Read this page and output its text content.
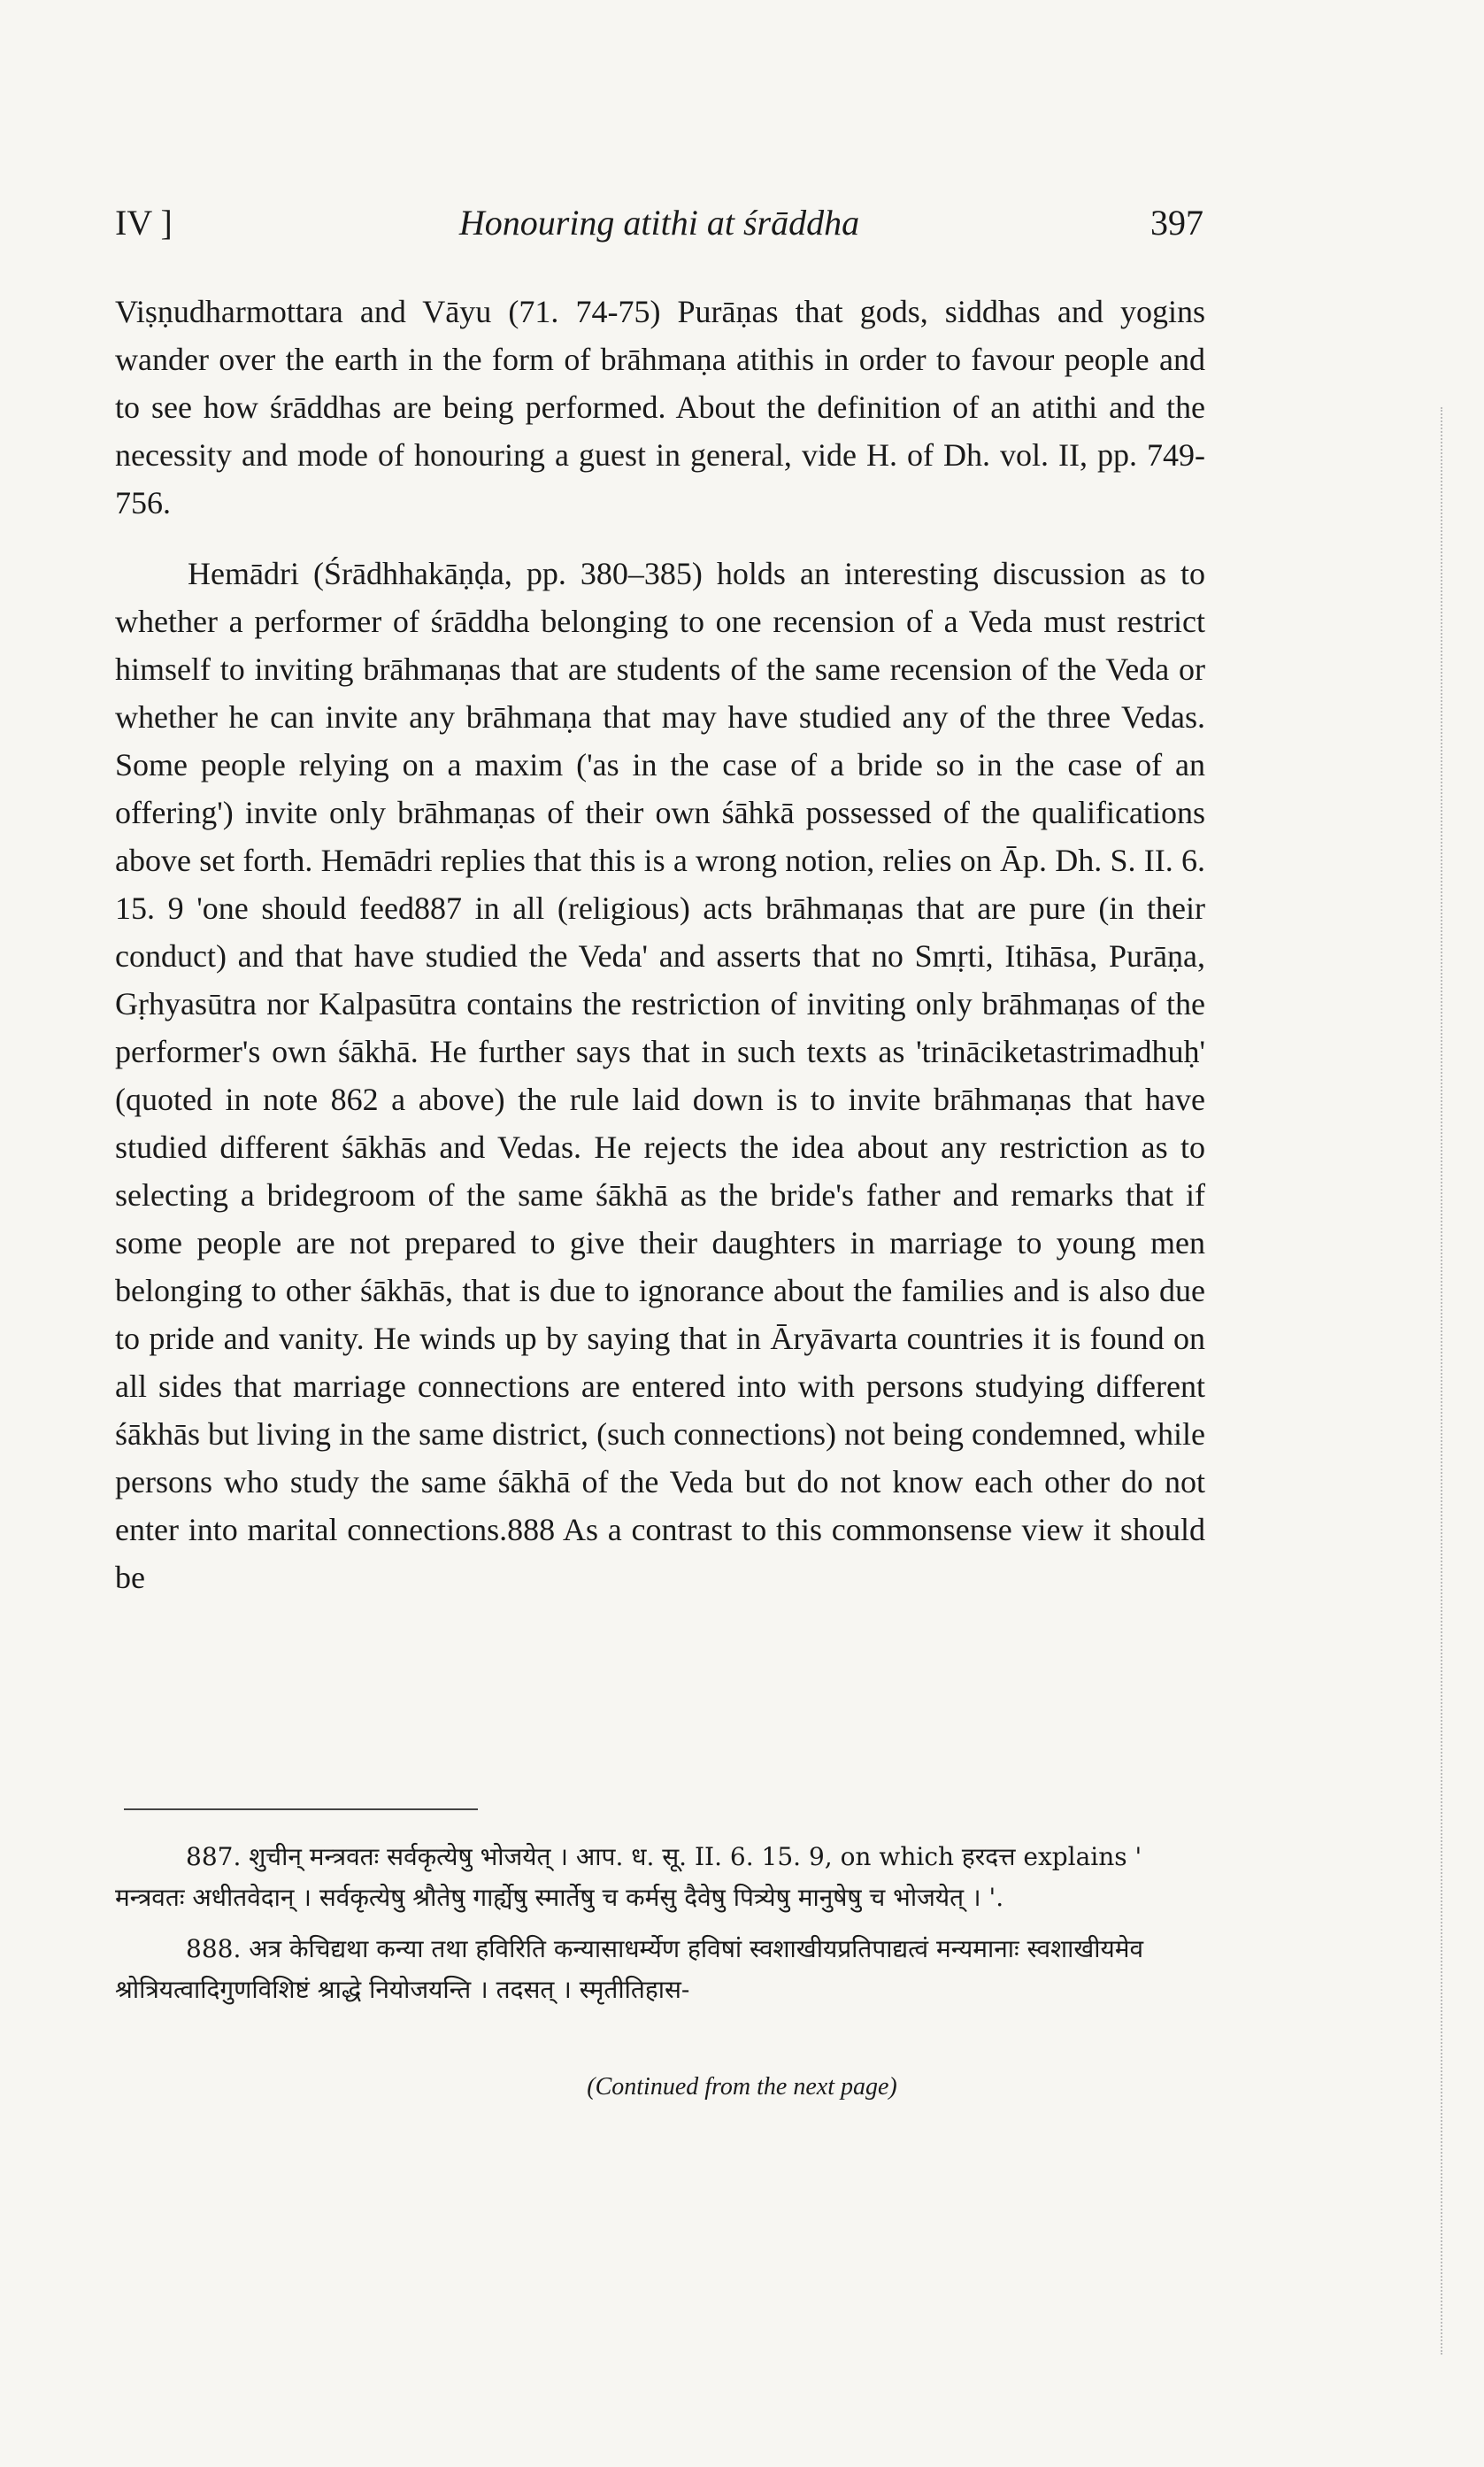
IV ]	Honouring atithi at śrāddha	397

Viṣṇudharmottara and Vāyu (71. 74-75) Purāṇas that gods, siddhas and yogins wander over the earth in the form of brāhmaṇa atithis in order to favour people and to see how śrāddhas are being performed. About the definition of an atithi and the necessity and mode of honouring a guest in general, vide H. of Dh. vol. II, pp. 749-756.

Hemādri (Śrādhhakāṇḍa, pp. 380–385) holds an interesting discussion as to whether a performer of śrāddha belonging to one recension of a Veda must restrict himself to inviting brāhmaṇas that are students of the same recension of the Veda or whether he can invite any brāhmaṇa that may have studied any of the three Vedas. Some people relying on a maxim ('as in the case of a bride so in the case of an offering') invite only brāhmaṇas of their own śāhkā possessed of the qualifications above set forth. Hemādri replies that this is a wrong notion, relies on Āp. Dh. S. II. 6. 15. 9 'one should feed887 in all (religious) acts brāhmaṇas that are pure (in their conduct) and that have studied the Veda' and asserts that no Smṛti, Itihāsa, Purāṇa, Gṛhyasūtra nor Kalpasūtra contains the restriction of inviting only brāhmaṇas of the performer's own śākhā. He further says that in such texts as 'trināciketastrimadhuḥ' (quoted in note 862 a above) the rule laid down is to invite brāhmaṇas that have studied different śākhās and Vedas. He rejects the idea about any restriction as to selecting a bridegroom of the same śākhā as the bride's father and remarks that if some people are not prepared to give their daughters in marriage to young men belonging to other śākhās, that is due to ignorance about the families and is also due to pride and vanity. He winds up by saying that in Āryāvarta countries it is found on all sides that marriage connections are entered into with persons studying different śākhās but living in the same district, (such connections) not being condemned, while persons who study the same śākhā of the Veda but do not know each other do not enter into marital connections.888 As a contrast to this commonsense view it should be

887. शुचीन् मन्त्रवतः सर्वकृत्येषु भोजयेत् । आप. ध. सू. II. 6. 15. 9, on which हरदत्त explains ' मन्त्रवतः अधीतवेदान् । सर्वकृत्येषु श्रौतेषु गार्ह्येषु स्मार्तेषु च कर्मसु दैवेषु पित्र्येषु मानुषेषु च भोजयेत् । '.

888. अत्र केचिद्यथा कन्या तथा हविरिति कन्यासाधर्म्येण हविषां स्वशाखीयप्रतिपाद्यत्वं मन्यमानाः स्वशाखीयमेव श्रोत्रियत्वादिगुणविशिष्टं श्राद्धे नियोजयन्ति । तदसत् । स्मृतीतिहास-

(Continued from the next page)
